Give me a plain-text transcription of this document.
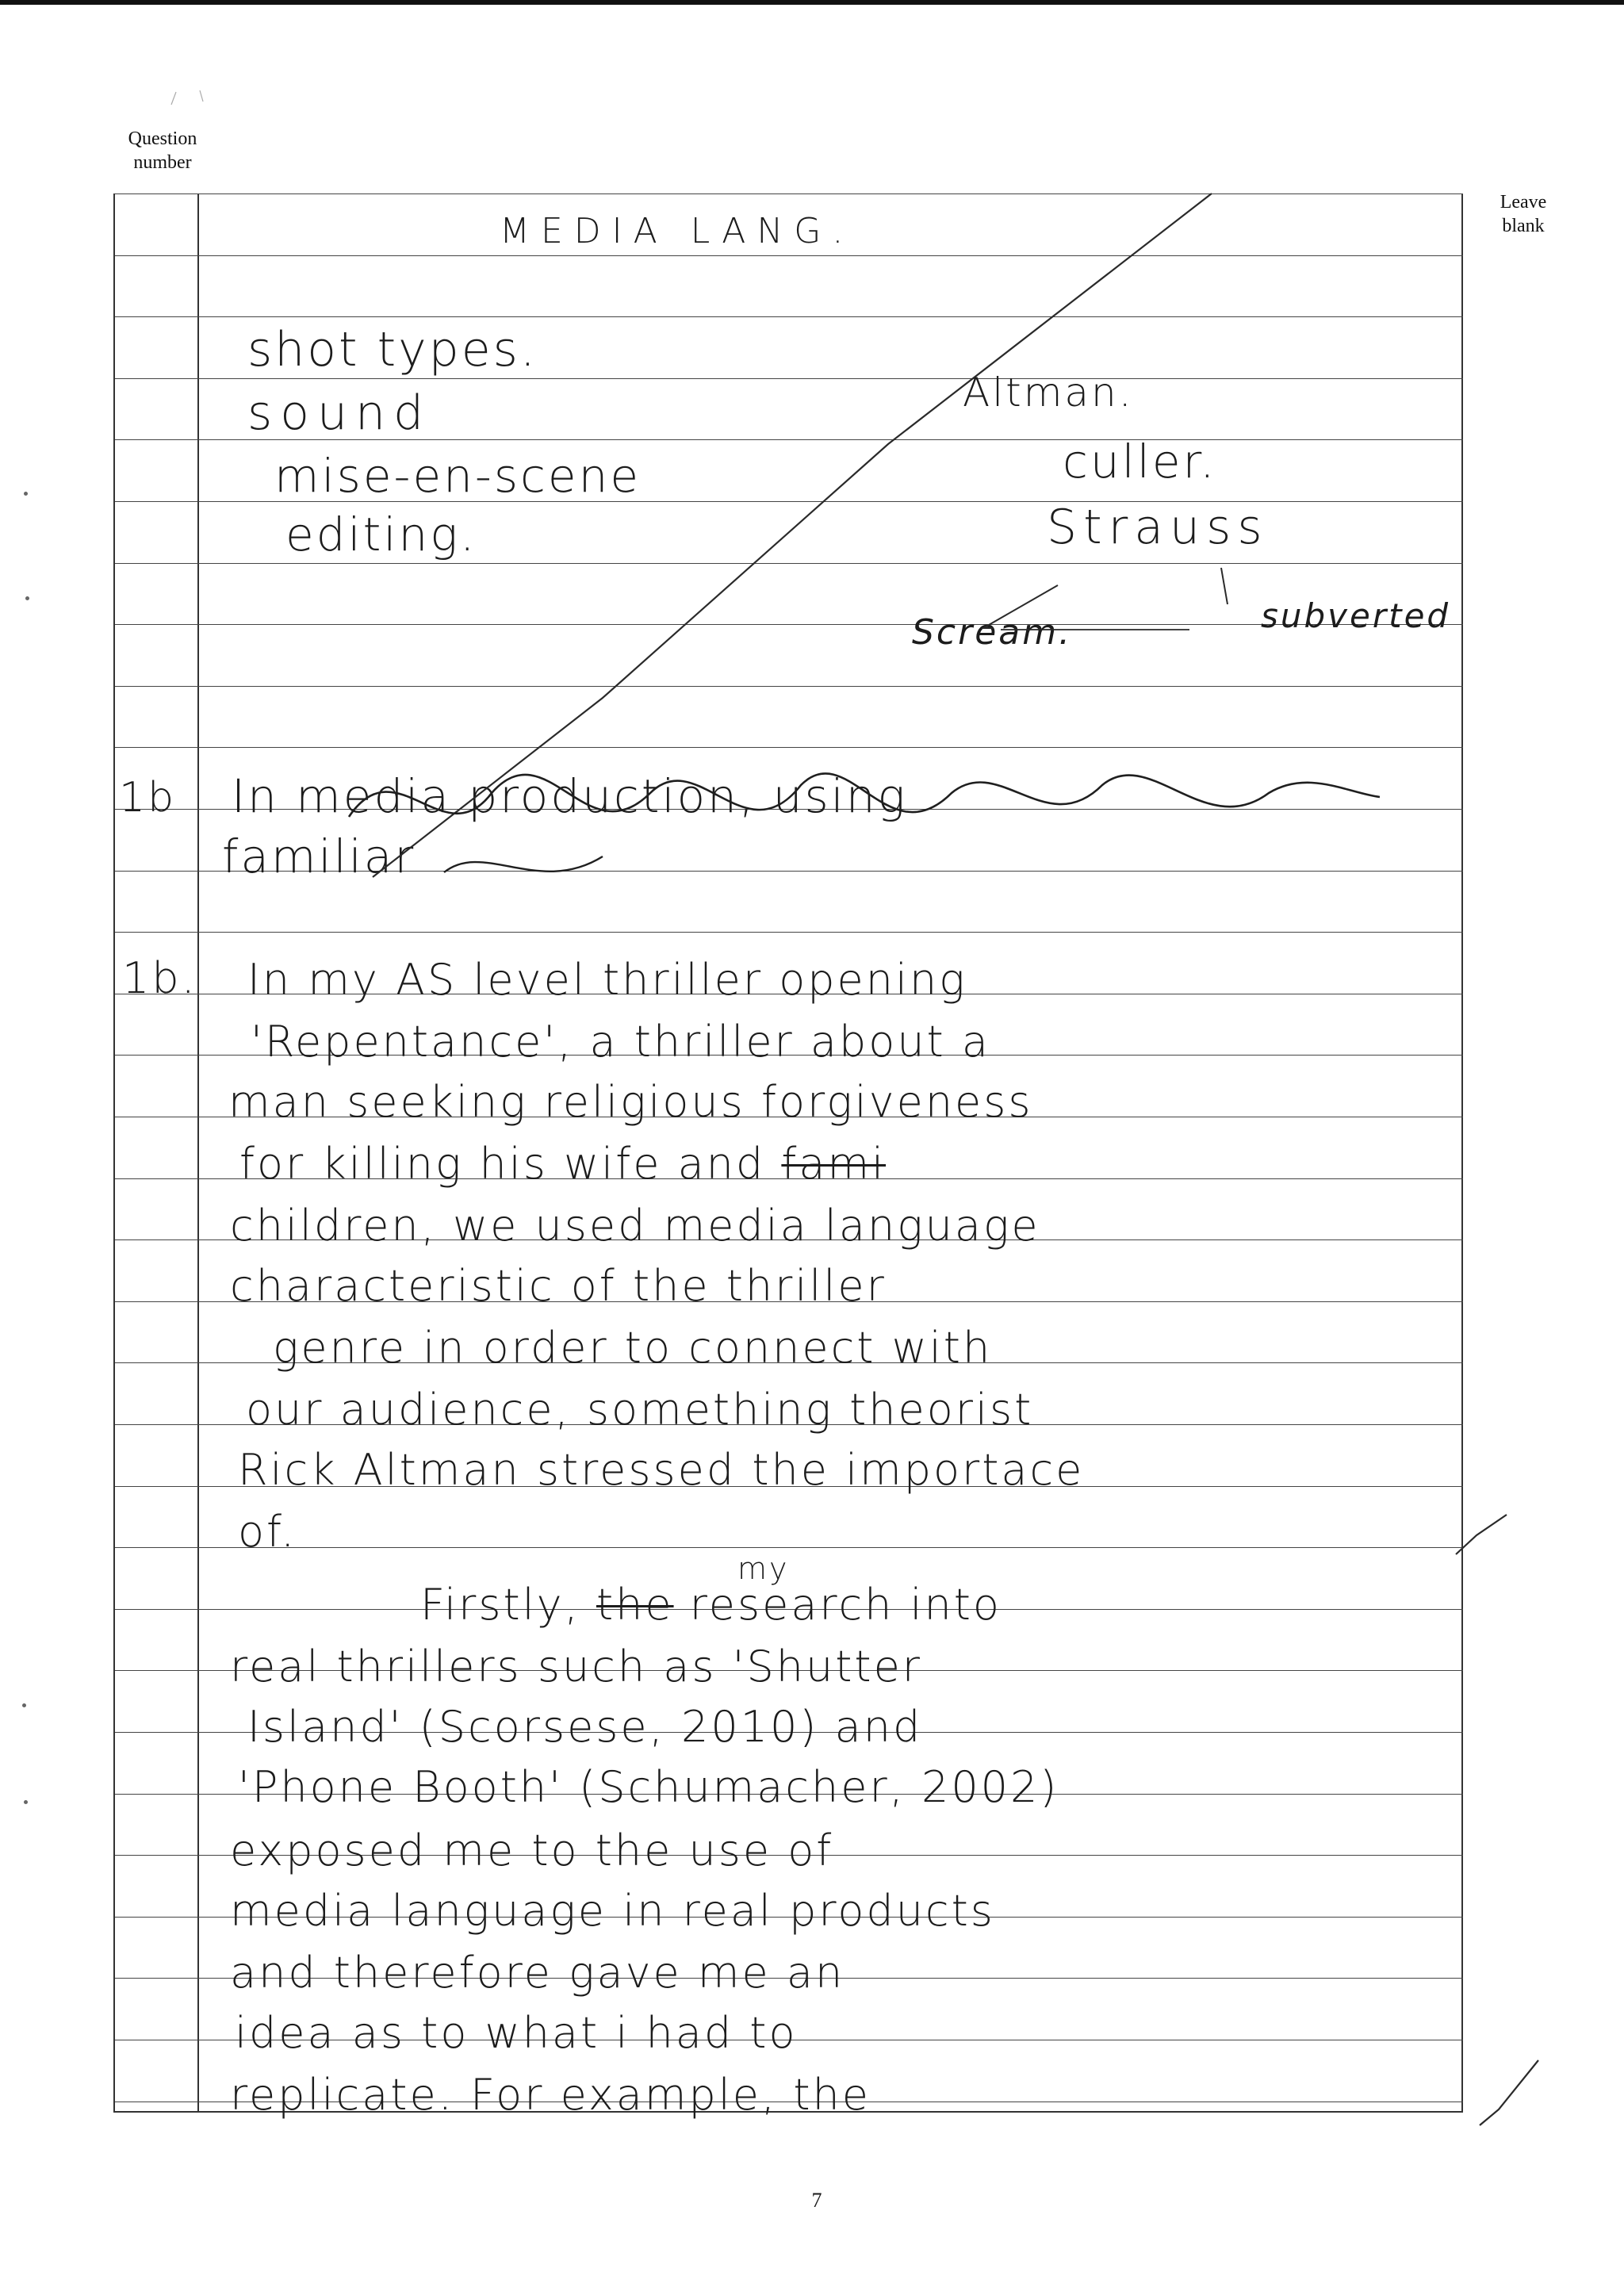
Question number
Leave blank
MEDIA LANG.
shot types.
sound
mise-en-scene
editing.
Altman.
culler.
Strauss
Scream.	subverted
1b In media production, using
familiar
1b. In my AS level thriller opening
'Repentance', a thriller about a
man seeking religious forgiveness
for killing his wife and fami
children, we used media language
characteristic of the thriller
genre in order to connect with
our audience, something theorist
Rick Altman stressed the importace
of.
my
Firstly, the research into
real thrillers such as 'Shutter
Island' (Scorsese, 2010) and
'Phone Booth' (Schumacher, 2002)
exposed me to the use of
media language in real products
and therefore gave me an
idea as to what i had to
replicate. For example, the
7
